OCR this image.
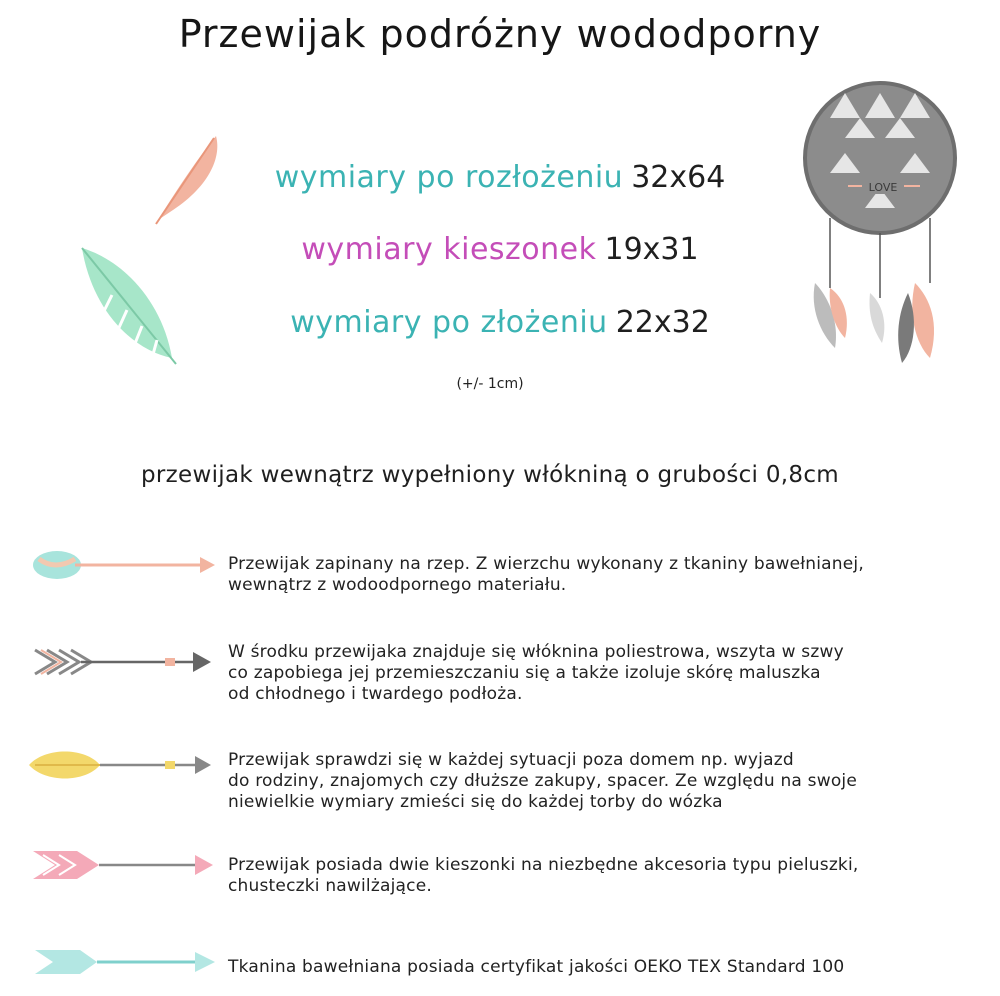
Przewijak podróżny wododporny
LOVE
wymiary po rozłożeniu 32x64
wymiary kieszonek 19x31
wymiary po złożeniu 22x32
(+/- 1cm)
przewijak wewnątrz wypełniony włókniną o grubości 0,8cm
Przewijak zapinany na rzep. Z wierzchu wykonany z tkaniny bawełnianej,
wewnątrz z wodoodpornego materiału.
W środku przewijaka znajduje się włóknina poliestrowa, wszyta w szwy
co zapobiega jej przemieszczaniu się a także izoluje skórę maluszka
od chłodnego i twardego podłoża.
Przewijak sprawdzi się w każdej sytuacji poza domem np. wyjazd
do rodziny, znajomych czy dłuższe zakupy, spacer. Ze względu na swoje
niewielkie wymiary zmieści się do każdej torby do wózka
Przewijak posiada dwie kieszonki na niezbędne akcesoria typu pieluszki,
chusteczki nawilżające.
Tkanina bawełniana posiada certyfikat jakości OEKO TEX Standard 100
